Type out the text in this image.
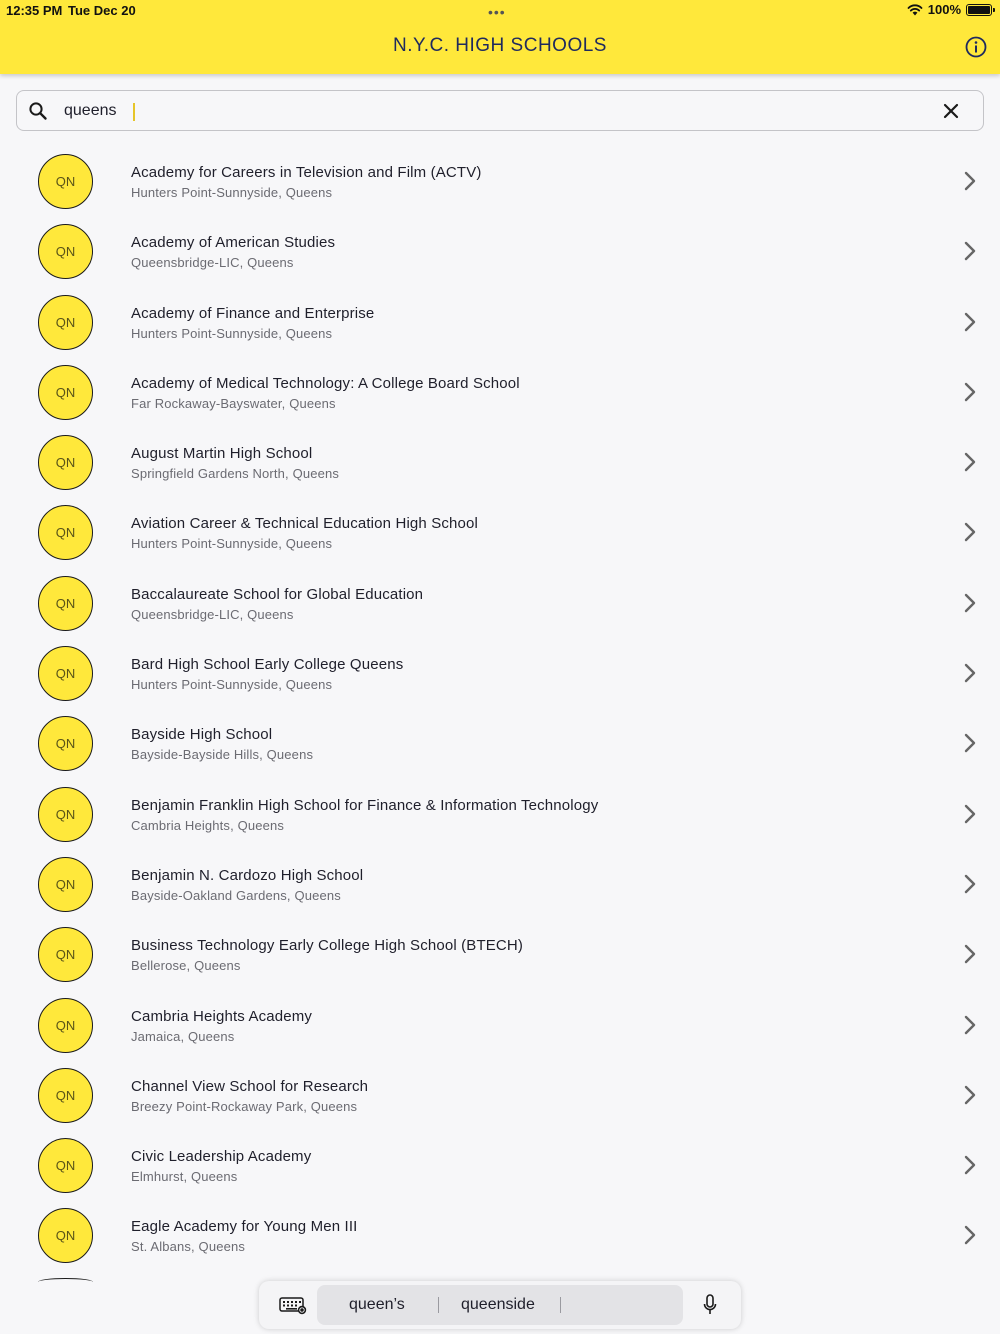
12:35 PM Tue Dec 20	•••	100%
N.Y.C. HIGH SCHOOLS
queens
QN
Academy for Careers in Television and Film (ACTV)
Hunters Point-Sunnyside, Queens
QN
Academy of American Studies
Queensbridge-LIC, Queens
QN
Academy of Finance and Enterprise
Hunters Point-Sunnyside, Queens
QN
Academy of Medical Technology: A College Board School
Far Rockaway-Bayswater, Queens
QN
August Martin High School
Springfield Gardens North, Queens
QN
Aviation Career & Technical Education High School
Hunters Point-Sunnyside, Queens
QN
Baccalaureate School for Global Education
Queensbridge-LIC, Queens
QN
Bard High School Early College Queens
Hunters Point-Sunnyside, Queens
QN
Bayside High School
Bayside-Bayside Hills, Queens
QN
Benjamin Franklin High School for Finance & Information Technology
Cambria Heights, Queens
QN
Benjamin N. Cardozo High School
Bayside-Oakland Gardens, Queens
QN
Business Technology Early College High School (BTECH)
Bellerose, Queens
QN
Cambria Heights Academy
Jamaica, Queens
QN
Channel View School for Research
Breezy Point-Rockaway Park, Queens
QN
Civic Leadership Academy
Elmhurst, Queens
QN
Eagle Academy for Young Men III
St. Albans, Queens
queen’s	queenside
